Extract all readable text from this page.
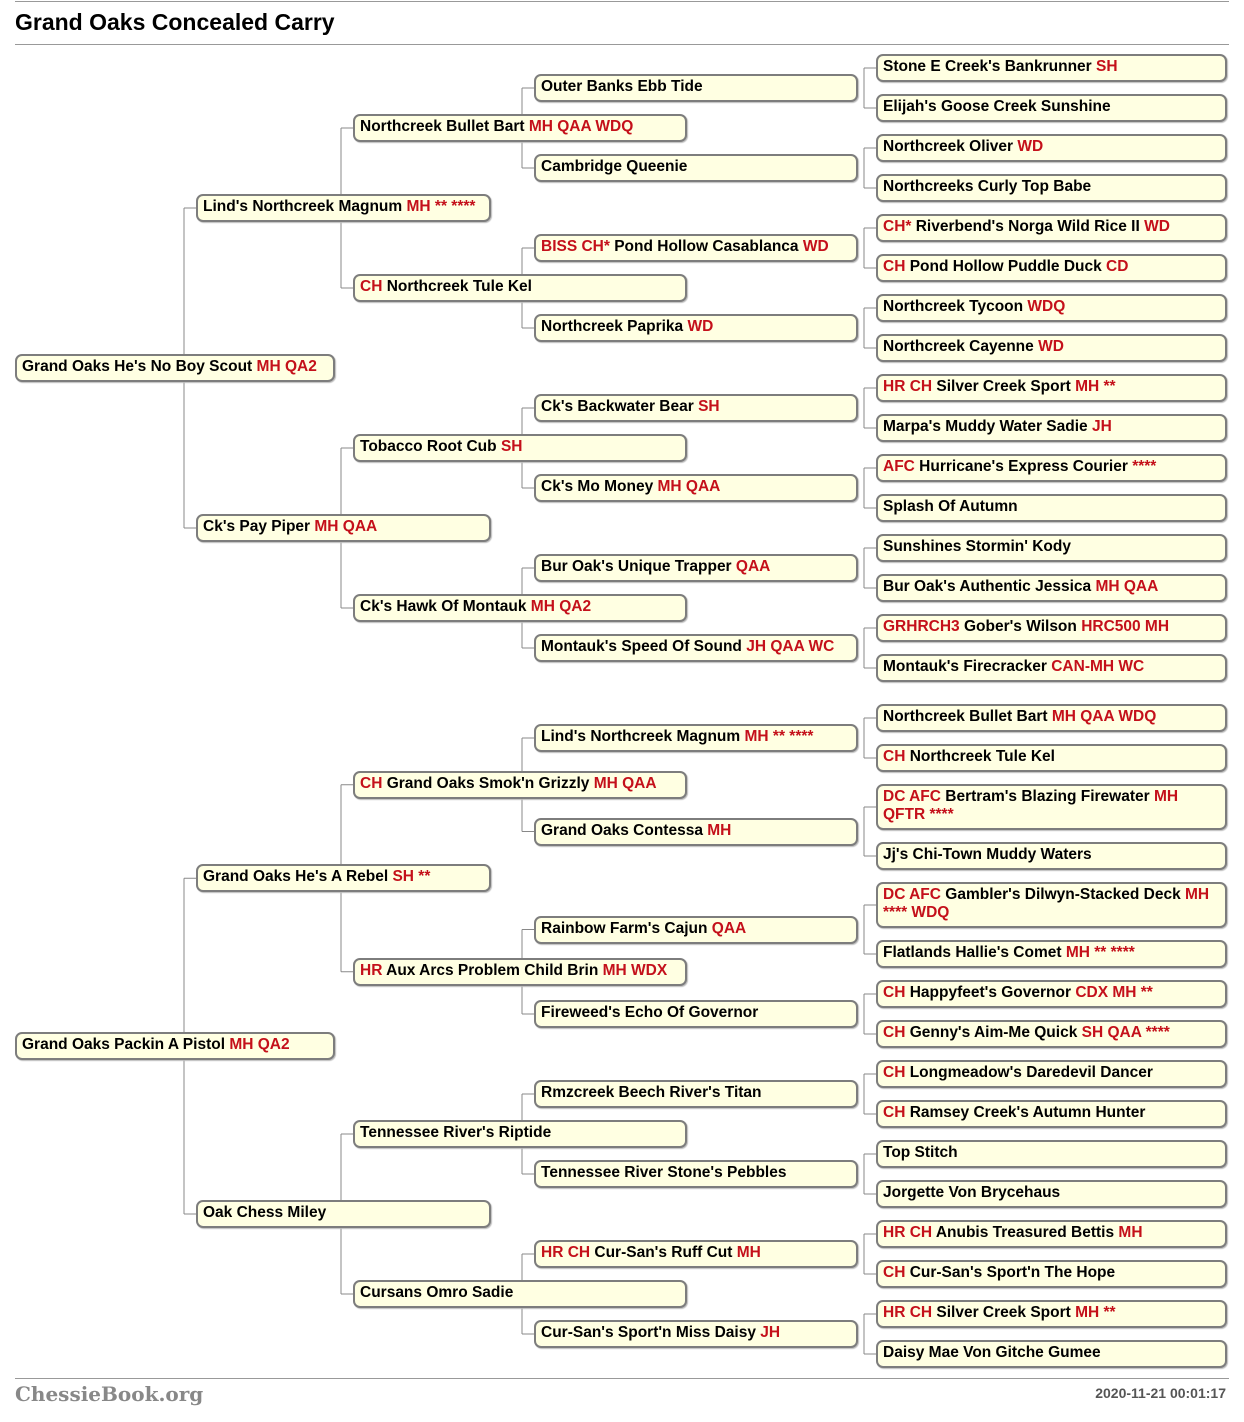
Grand Oaks Concealed Carry
Stone E Creek's Bankrunner SH
Elijah's Goose Creek Sunshine
Outer Banks Ebb Tide
Northcreek Oliver WD
Northcreeks Curly Top Babe
Cambridge Queenie
Northcreek Bullet Bart MH QAA WDQ
CH* Riverbend's Norga Wild Rice II WD
CH Pond Hollow Puddle Duck CD
BISS CH* Pond Hollow Casablanca WD
Northcreek Tycoon WDQ
Northcreek Cayenne WD
Northcreek Paprika WD
CH Northcreek Tule Kel
Lind's Northcreek Magnum MH ** ****
HR CH Silver Creek Sport MH **
Marpa's Muddy Water Sadie JH
Ck's Backwater Bear SH
AFC Hurricane's Express Courier ****
Splash Of Autumn
Ck's Mo Money MH QAA
Tobacco Root Cub SH
Sunshines Stormin' Kody
Bur Oak's Authentic Jessica MH QAA
Bur Oak's Unique Trapper QAA
GRHRCH3 Gober's Wilson HRC500 MH
Montauk's Firecracker CAN-MH WC
Montauk's Speed Of Sound JH QAA WC
Ck's Hawk Of Montauk MH QA2
Ck's Pay Piper MH QAA
Grand Oaks He's No Boy Scout MH QA2
Northcreek Bullet Bart MH QAA WDQ
CH Northcreek Tule Kel
Lind's Northcreek Magnum MH ** ****
DC AFC Bertram's Blazing Firewater MH QFTR ****
Jj's Chi-Town Muddy Waters
Grand Oaks Contessa MH
CH Grand Oaks Smok'n Grizzly MH QAA
DC AFC Gambler's Dilwyn-Stacked Deck MH **** WDQ
Flatlands Hallie's Comet MH ** ****
Rainbow Farm's Cajun QAA
CH Happyfeet's Governor CDX MH **
CH Genny's Aim-Me Quick SH QAA ****
Fireweed's Echo Of Governor
HR Aux Arcs Problem Child Brin MH WDX
Grand Oaks He's A Rebel SH **
CH Longmeadow's Daredevil Dancer
CH Ramsey Creek's Autumn Hunter
Rmzcreek Beech River's Titan
Top Stitch
Jorgette Von Brycehaus
Tennessee River Stone's Pebbles
Tennessee River's Riptide
HR CH Anubis Treasured Bettis MH
CH Cur-San's Sport'n The Hope
HR CH Cur-San's Ruff Cut MH
HR CH Silver Creek Sport MH **
Daisy Mae Von Gitche Gumee
Cur-San's Sport'n Miss Daisy JH
Cursans Omro Sadie
Oak Chess Miley
Grand Oaks Packin A Pistol MH QA2
ChessieBook.org	2020-11-21 00:01:17
